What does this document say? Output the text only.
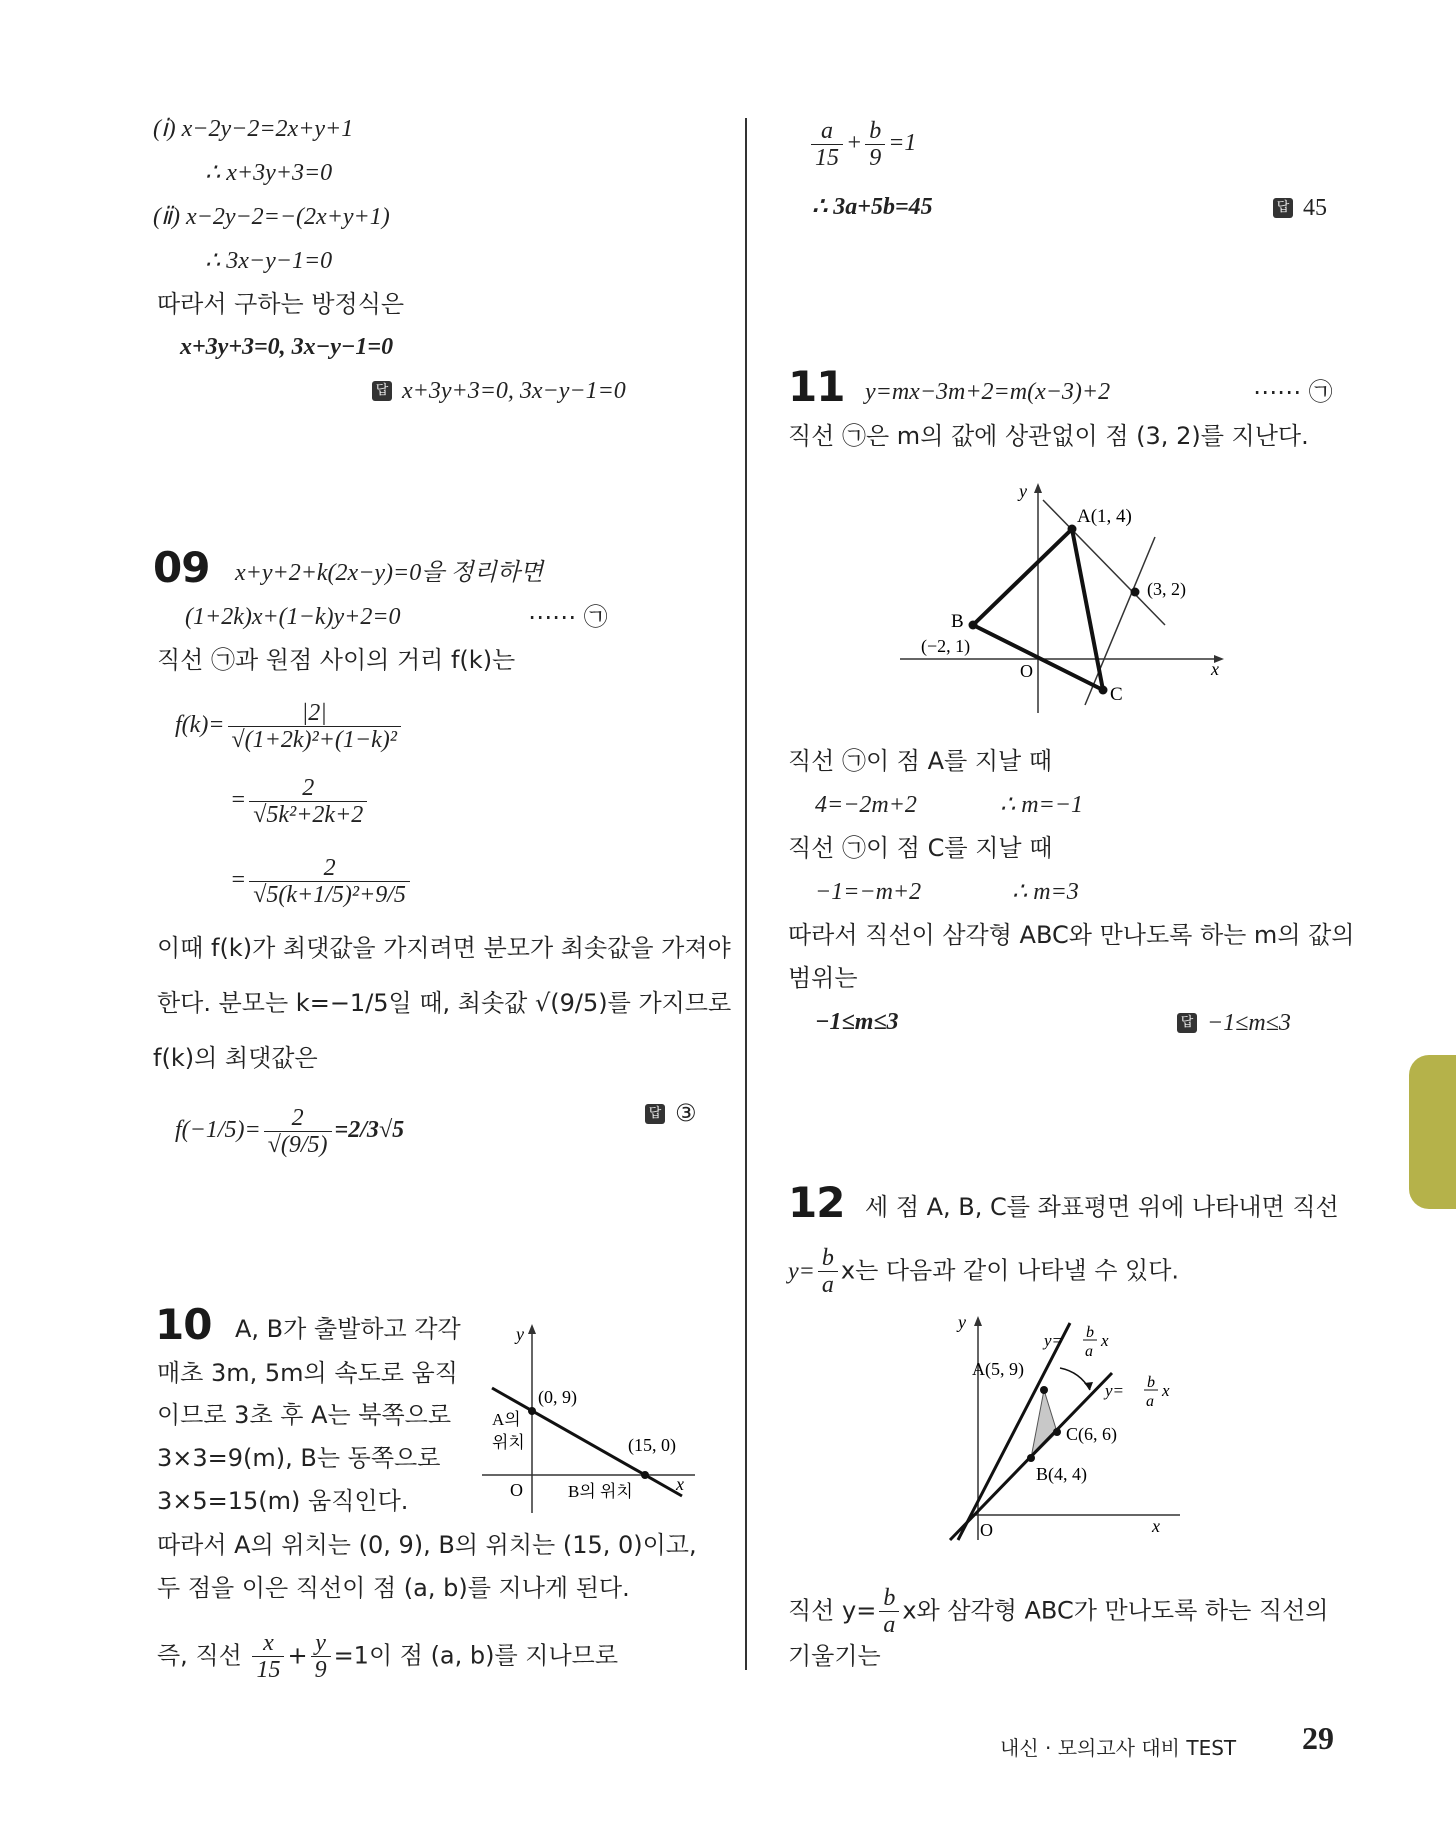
(ⅰ) x−2y−2=2x+y+1
∴ x+3y+3=0
(ⅱ) x−2y−2=−(2x+y+1)
∴ 3x−y−1=0
따라서 구하는 방정식은
x+3y+3=0, 3x−y−1=0
답 x+3y+3=0, 3x−y−1=0
09 x+y+2+k(2x−y)=0을 정리하면
(1+2k)x+(1−k)y+2=0	⋯⋯ ㉠
직선 ㉠과 원점 사이의 거리 f(k)는
$f(k)= \frac{|2|}{\text{√(1+2k)²+(1−k)²}}$
= $\frac{2}{\text{√5k²+2k+2}}$
= $\frac{2}{\text{√5(k+1/5)²+9/5}}$
이때 f(k)가 최댓값을 가지려면 분모가 최솟값을 가져야
한다. 분모는 k=−1/5일 때, 최솟값 √(9/5)를 가지므로
f(k)의 최댓값은
$f(-1/5)= \frac{2}{√(9/5)} =2/3√5$
답 ③
10 A, B가 출발하고 각각
매초 3m, 5m의 속도로 움직
이므로 3초 후 A는 북쪽으로
3×3=9(m), B는 동쪽으로
3×5=15(m) 움직인다.
따라서 A의 위치는 (0, 9), B의 위치는 (15, 0)이고,
두 점을 이은 직선이 점 (a, b)를 지나게 된다.
즉, 직선 $\frac{x}{15} + \frac{y}{9} =1$이 점 (a, b)를 지나므로
y
x
O
(0, 9)
(15, 0)
A의
위치
B의 위치
$\frac{a}{15} + \frac{b}{9} =1$
∴ 3a+5b=45	답 45
11 y=mx−3m+2=m(x−3)+2	⋯⋯ ㉠
직선 ㉠은 m의 값에 상관없이 점 (3, 2)를 지난다.
y
x
O
A(1, 4)
(3, 2)
B
(−2, 1)
C
직선 ㉠이 점 A를 지날 때
4=−2m+2	∴ m=−1
직선 ㉠이 점 C를 지날 때
−1=−m+2	∴ m=3
따라서 직선이 삼각형 ABC와 만나도록 하는 m의 값의
범위는
−1≤m≤3	답 −1≤m≤3
12 세 점 A, B, C를 좌표평면 위에 나타내면 직선
$y= \frac{b}{a}$ x는 다음과 같이 나타낼 수 있다.
y
x
O
A(5, 9)
B(4, 4)
C(6, 6)
y= b
a
x
y= b
a
x
직선 $y= \frac{b}{a}$ x와 삼각형 ABC가 만나도록 하는 직선의
기울기는
내신 · 모의고사 대비 TEST 29
